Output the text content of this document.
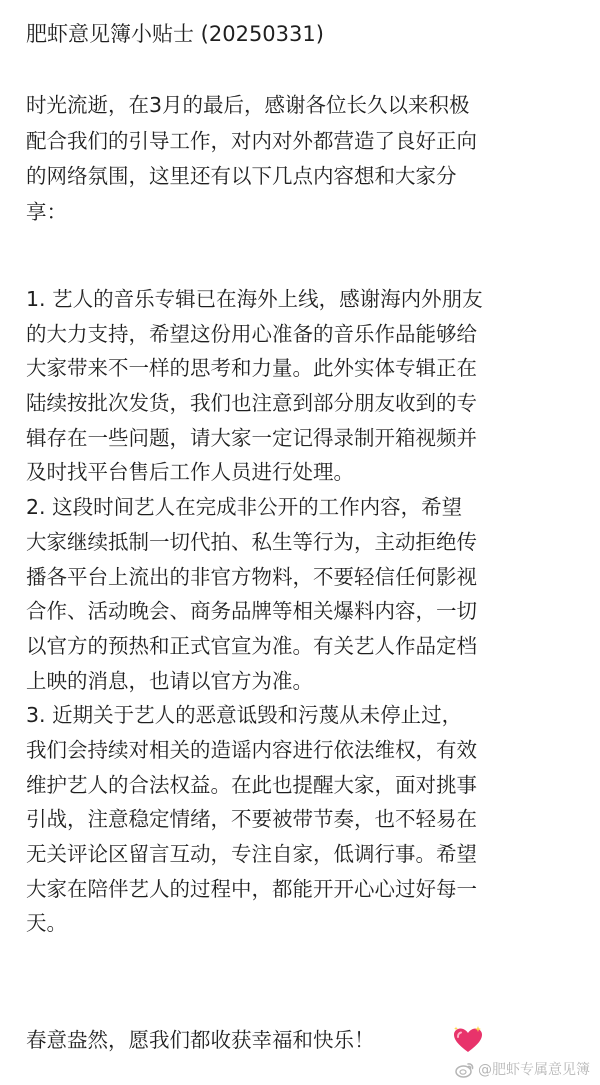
肥虾意见簿小贴士 (20250331)
时光流逝，在3月的最后，感谢各位长久以来积极
配合我们的引导工作，对内对外都营造了良好正向
的网络氛围，这里还有以下几点内容想和大家分
享：
1. 艺人的音乐专辑已在海外上线，感谢海内外朋友
的大力支持，希望这份用心准备的音乐作品能够给
大家带来不一样的思考和力量。此外实体专辑正在
陆续按批次发货，我们也注意到部分朋友收到的专
辑存在一些问题，请大家一定记得录制开箱视频并
及时找平台售后工作人员进行处理。
2. 这段时间艺人在完成非公开的工作内容，希望
大家继续抵制一切代拍、私生等行为，主动拒绝传
播各平台上流出的非官方物料，不要轻信任何影视
合作、活动晚会、商务品牌等相关爆料内容，一切
以官方的预热和正式官宣为准。有关艺人作品定档
上映的消息，也请以官方为准。
3. 近期关于艺人的恶意诋毁和污蔑从未停止过，
我们会持续对相关的造谣内容进行依法维权，有效
维护艺人的合法权益。在此也提醒大家，面对挑事
引战，注意稳定情绪，不要被带节奏，也不轻易在
无关评论区留言互动，专注自家，低调行事。希望
大家在陪伴艺人的过程中，都能开开心心过好每一
天。
春意盎然，愿我们都收获幸福和快乐！
@肥虾专属意见簿
